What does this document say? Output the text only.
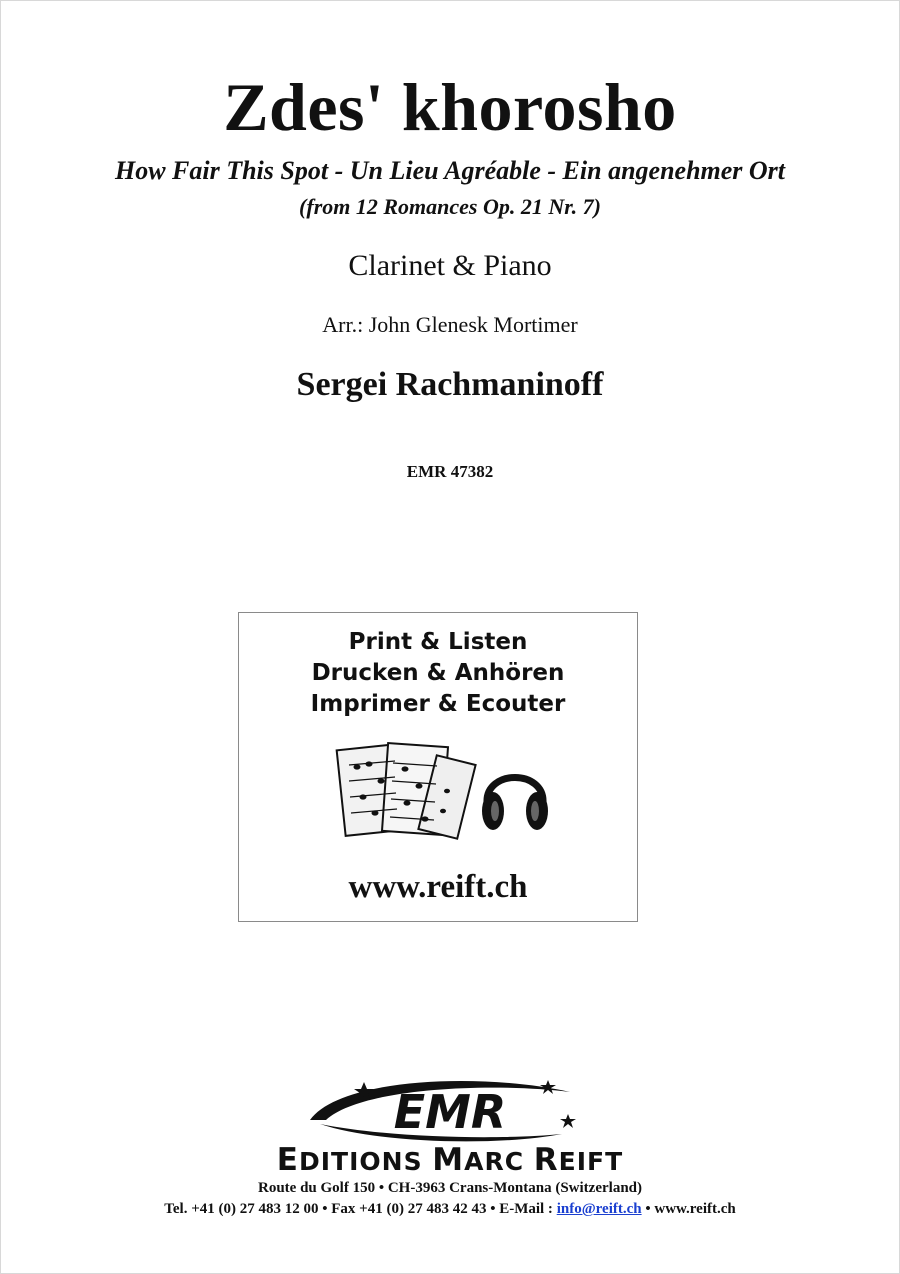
Zdes' khorosho
How Fair This Spot - Un Lieu Agréable - Ein angenehmer Ort
(from 12 Romances Op. 21 Nr. 7)
Clarinet & Piano
Arr.: John Glenesk Mortimer
Sergei Rachmaninoff
EMR 47382
Print & Listen
Drucken & Anhören
Imprimer & Ecouter
www.reift.ch
EMR
EDITIONS MARC REIFT
Route du Golf 150 • CH-3963 Crans-Montana (Switzerland)
Tel. +41 (0) 27 483 12 00 • Fax +41 (0) 27 483 42 43 • E-Mail : info@reift.ch • www.reift.ch
